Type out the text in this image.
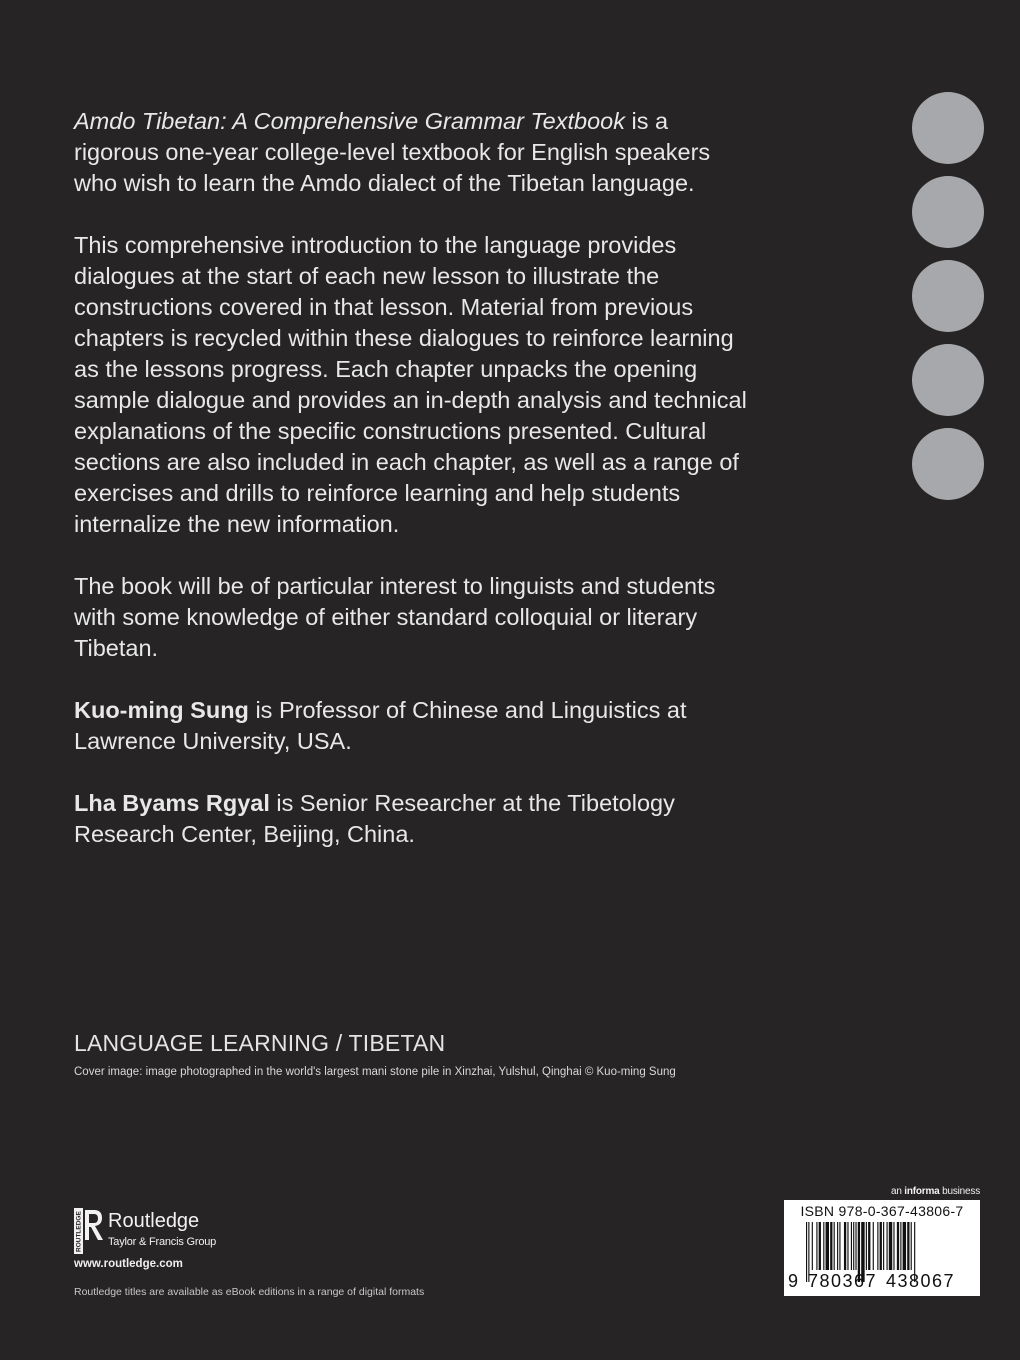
Amdo Tibetan: A Comprehensive Grammar Textbook is a rigorous one-year college-level textbook for English speakers who wish to learn the Amdo dialect of the Tibetan language.

This comprehensive introduction to the language provides dialogues at the start of each new lesson to illustrate the constructions covered in that lesson. Material from previous chapters is recycled within these dialogues to reinforce learning as the lessons progress. Each chapter unpacks the opening sample dialogue and provides an in-depth analysis and technical explanations of the specific constructions presented. Cultural sections are also included in each chapter, as well as a range of exercises and drills to reinforce learning and help students internalize the new information.

The book will be of particular interest to linguists and students with some knowledge of either standard colloquial or literary Tibetan.

Kuo-ming Sung is Professor of Chinese and Linguistics at Lawrence University, USA.

Lha Byams Rgyal is Senior Researcher at the Tibetology Research Center, Beijing, China.

LANGUAGE LEARNING / TIBETAN
Cover image: image photographed in the world's largest mani stone pile in Xinzhai, Yulshul, Qinghai © Kuo-ming Sung
ROUTLEDGE Routledge
Taylor & Francis Group
www.routledge.com
Routledge titles are available as eBook editions in a range of digital formats
an informa business
ISBN 978-0-367-43806-7
9 780367 438067
